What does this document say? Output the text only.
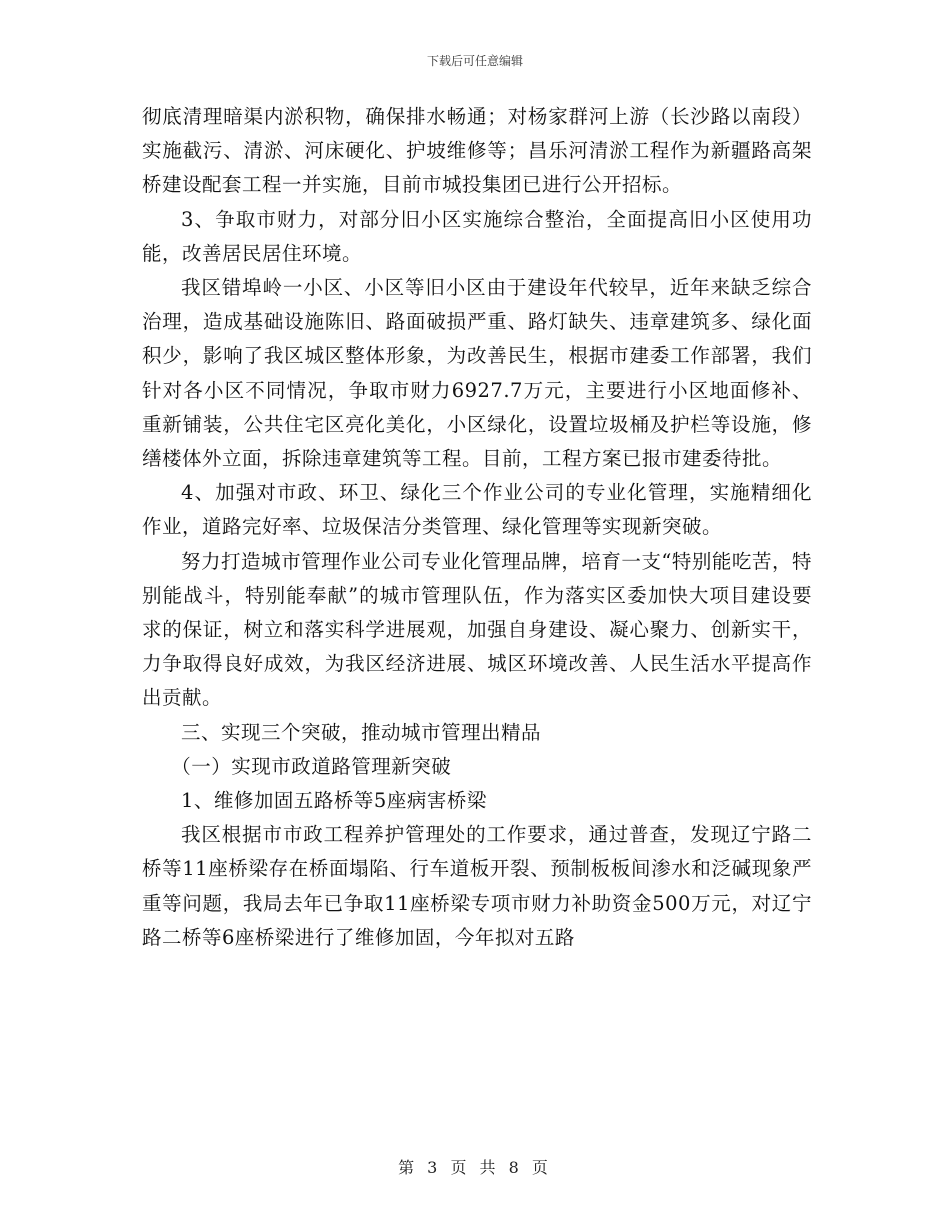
下载后可任意编辑

彻底清理暗渠内淤积物，确保排水畅通；对杨家群河上游（长沙路以南段）实施截污、清淤、河床硬化、护坡维修等；昌乐河清淤工程作为新疆路高架桥建设配套工程一并实施，目前市城投集团已进行公开招标。

3、争取市财力，对部分旧小区实施综合整治，全面提高旧小区使用功能，改善居民居住环境。

我区错埠岭一小区、小区等旧小区由于建设年代较早，近年来缺乏综合治理，造成基础设施陈旧、路面破损严重、路灯缺失、违章建筑多、绿化面积少，影响了我区城区整体形象，为改善民生，根据市建委工作部署，我们针对各小区不同情况，争取市财力6927.7万元，主要进行小区地面修补、重新铺装，公共住宅区亮化美化，小区绿化，设置垃圾桶及护栏等设施，修缮楼体外立面，拆除违章建筑等工程。目前，工程方案已报市建委待批。

4、加强对市政、环卫、绿化三个作业公司的专业化管理，实施精细化作业，道路完好率、垃圾保洁分类管理、绿化管理等实现新突破。

努力打造城市管理作业公司专业化管理品牌，培育一支“特别能吃苦，特别能战斗，特别能奉献”的城市管理队伍，作为落实区委加快大项目建设要求的保证，树立和落实科学进展观，加强自身建设、凝心聚力、创新实干，力争取得良好成效，为我区经济进展、城区环境改善、人民生活水平提高作出贡献。

三、实现三个突破，推动城市管理出精品

（一）实现市政道路管理新突破

1、维修加固五路桥等5座病害桥梁

我区根据市市政工程养护管理处的工作要求，通过普查，发现辽宁路二桥等11座桥梁存在桥面塌陷、行车道板开裂、预制板板间渗水和泛碱现象严重等问题，我局去年已争取11座桥梁专项市财力补助资金500万元，对辽宁路二桥等6座桥梁进行了维修加固，今年拟对五路

第 3 页 共 8 页
